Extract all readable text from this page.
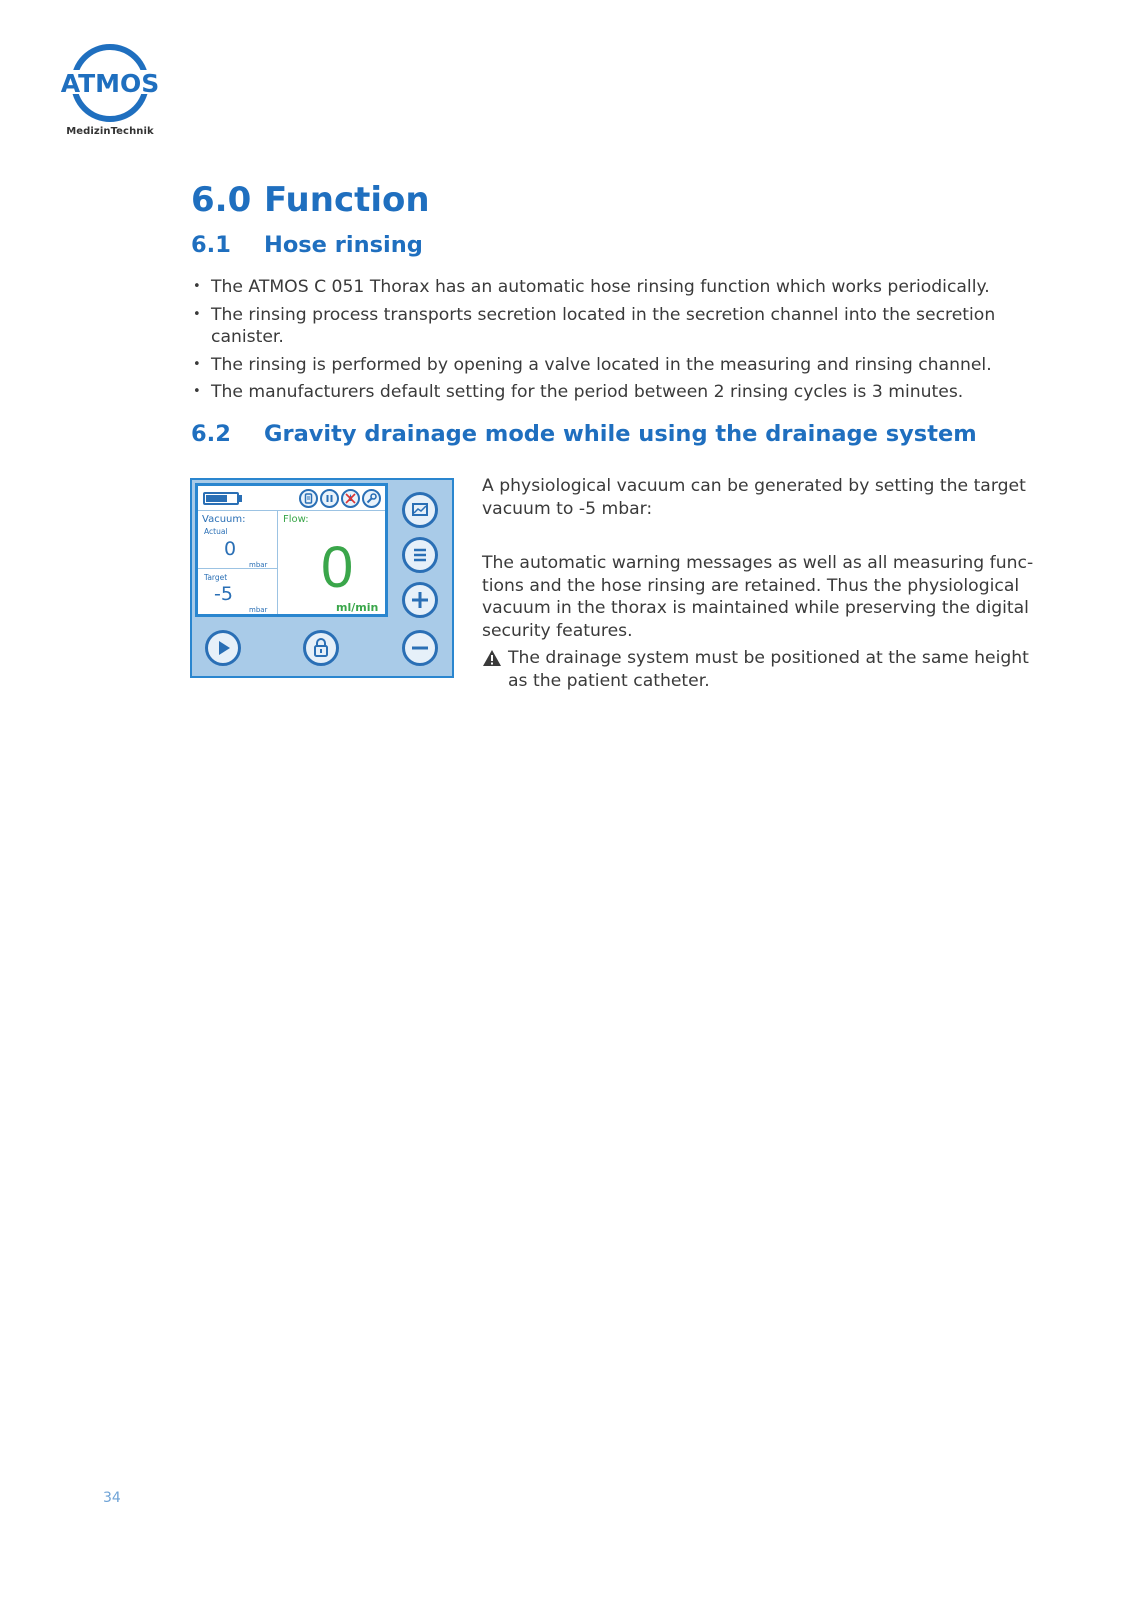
ATMOS
MedizinTechnik
6.0 Function
6.1 Hose rinsing
• The ATMOS C 051 Thorax has an automatic hose rinsing function which works periodically.
• The rinsing process transports secretion located in the secretion channel into the secretion canister.
• The rinsing is performed by opening a valve located in the measuring and rinsing channel.
• The manufacturers default setting for the period between 2 rinsing cycles is 3 minutes.
6.2 Gravity drainage mode while using the drainage system
Vacuum:
Actual
0
mbar
Target
-5
mbar
Flow:
0
ml/min
A physiological vacuum can be generated by setting the target vacuum to -5 mbar:
The automatic warning messages as well as all measuring func-tions and the hose rinsing are retained. Thus the physiological vacuum in the thorax is maintained while preserving the digital security features.
The drainage system must be positioned at the same height as the patient catheter.
34
